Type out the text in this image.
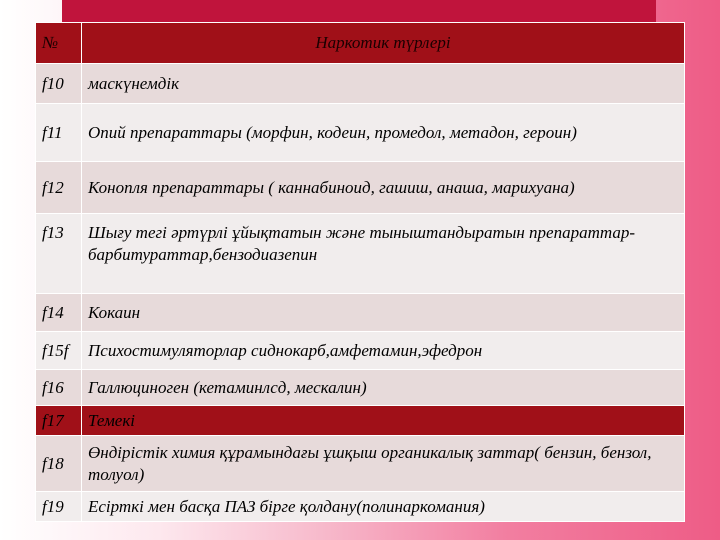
№	Наркотик түрлері
f10	маскүнемдік
f11	Опий препараттары (морфин, кодеин, промедол, метадон, героин)
f12	Конопля препараттары ( каннабиноид, гашиш, анаша, марихуана)
f13	Шығу тегі әртүрлі ұйықтатын және тыныштандыратын препараттар-барбитураттар,бензодиазепин
f14	Кокаин
f15f	Психостимуляторлар сиднокарб,амфетамин,эфедрон
f16	Галлюциноген (кетаминлсд, мескалин)
f17	Темекі
f18	Өндірістік химия құрамындағы ұшқыш органикалық заттар( бензин, бензол, толуол)
f19	Есірткі мен басқа ПАЗ бірге қолдану(полинаркомания)
